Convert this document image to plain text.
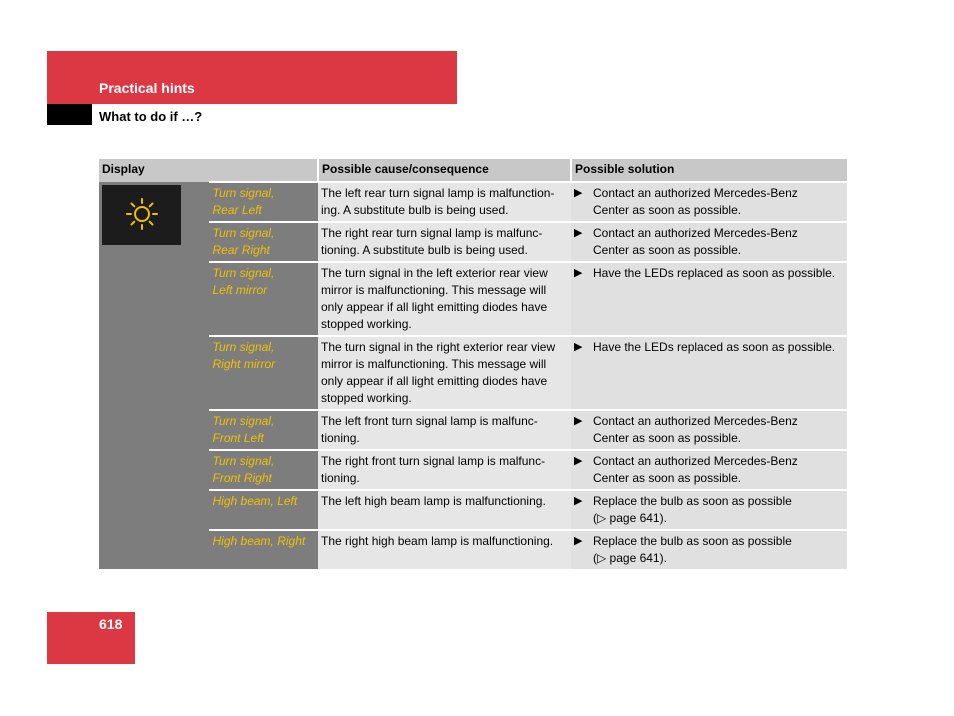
Practical hints
What to do if …?
Display		Possible cause/consequence	Possible solution

Turn signal,
Rear Left	The left rear turn signal lamp is malfunction-ing. A substitute bulb is being used.	▶ Contact an authorized Mercedes-Benz
Center as soon as possible.

	Turn signal,
Rear Right	The right rear turn signal lamp is malfunc-tioning. A substitute bulb is being used.	▶ Contact an authorized Mercedes-Benz
Center as soon as possible.

	Turn signal,
Left mirror	The turn signal in the left exterior rear view mirror is malfunctioning. This message will only appear if all light emitting diodes have stopped working.	▶ Have the LEDs replaced as soon as possible.

	Turn signal,
Right mirror	The turn signal in the right exterior rear view mirror is malfunctioning. This message will only appear if all light emitting diodes have stopped working.	▶ Have the LEDs replaced as soon as possible.

	Turn signal,
Front Left	The left front turn signal lamp is malfunc-tioning.	▶ Contact an authorized Mercedes-Benz
Center as soon as possible.

	Turn signal,
Front Right	The right front turn signal lamp is malfunc-tioning.	▶ Contact an authorized Mercedes-Benz
Center as soon as possible.

	High beam, Left	The left high beam lamp is malfunctioning.	▶ Replace the bulb as soon as possible
(▷ page 641).

	High beam, Right	The right high beam lamp is malfunctioning.	▶ Replace the bulb as soon as possible
(▷ page 641).
618
